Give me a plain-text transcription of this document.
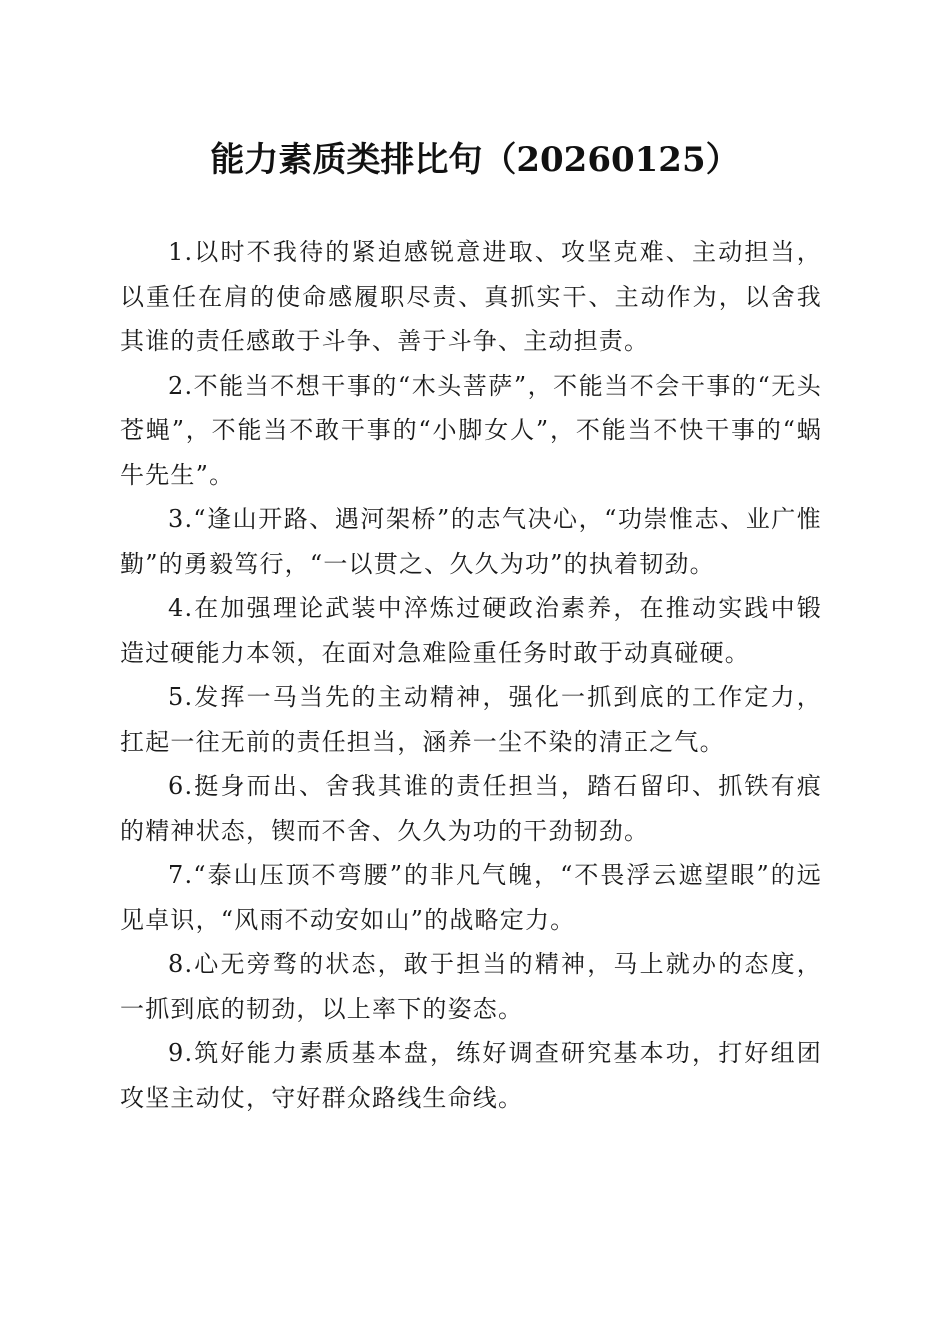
能力素质类排比句（20260125）

1.以时不我待的紧迫感锐意进取、攻坚克难、主动担当，以重任在肩的使命感履职尽责、真抓实干、主动作为，以舍我其谁的责任感敢于斗争、善于斗争、主动担责。

2.不能当不想干事的“木头菩萨”，不能当不会干事的“无头苍蝇”，不能当不敢干事的“小脚女人”，不能当不快干事的“蜗牛先生”。

3.“逢山开路、遇河架桥”的志气决心，“功崇惟志、业广惟勤”的勇毅笃行，“一以贯之、久久为功”的执着韧劲。

4.在加强理论武装中淬炼过硬政治素养，在推动实践中锻造过硬能力本领，在面对急难险重任务时敢于动真碰硬。

5.发挥一马当先的主动精神，强化一抓到底的工作定力，扛起一往无前的责任担当，涵养一尘不染的清正之气。

6.挺身而出、舍我其谁的责任担当，踏石留印、抓铁有痕的精神状态，锲而不舍、久久为功的干劲韧劲。

7.“泰山压顶不弯腰”的非凡气魄，“不畏浮云遮望眼”的远见卓识，“风雨不动安如山”的战略定力。

8.心无旁骛的状态，敢于担当的精神，马上就办的态度，一抓到底的韧劲，以上率下的姿态。

9.筑好能力素质基本盘，练好调查研究基本功，打好组团攻坚主动仗，守好群众路线生命线。
